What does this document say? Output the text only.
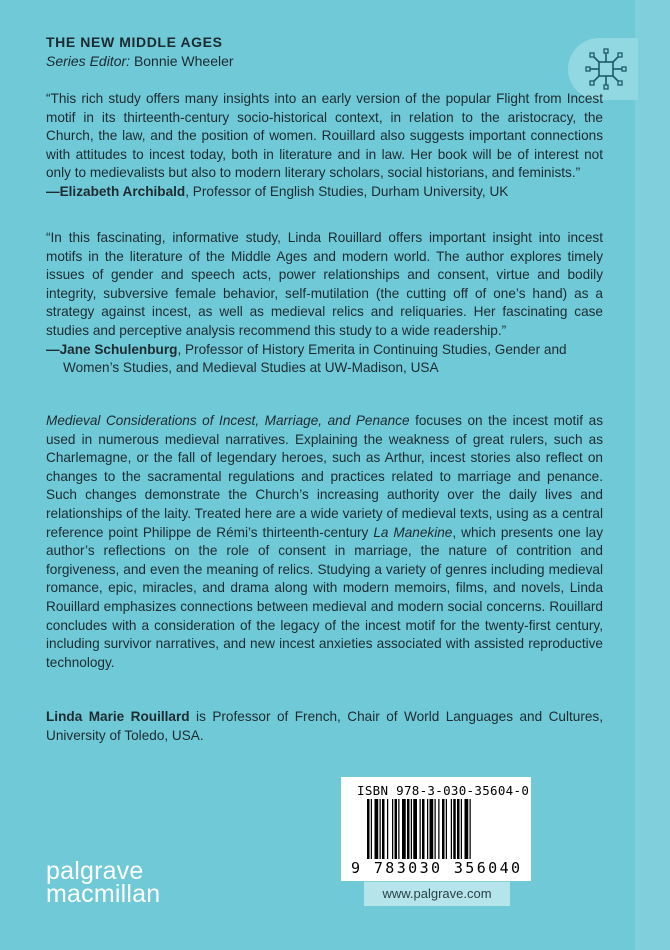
THE NEW MIDDLE AGES
Series Editor: Bonnie Wheeler

“This rich study offers many insights into an early version of the popular Flight from Incest motif in its thirteenth-century socio-historical context, in relation to the aristocracy, the Church, the law, and the position of women. Rouillard also suggests important connections with attitudes to incest today, both in literature and in law. Her book will be of interest not only to medievalists but also to modern literary scholars, social historians, and feminists.”

—Elizabeth Archibald, Professor of English Studies, Durham University, UK

“In this fascinating, informative study, Linda Rouillard offers important insight into incest motifs in the literature of the Middle Ages and modern world. The author explores timely issues of gender and speech acts, power relationships and consent, virtue and bodily integrity, subversive female behavior, self-mutilation (the cutting off of one’s hand) as a strategy against incest, as well as medieval relics and reliquaries. Her fascinating case studies and perceptive analysis recommend this study to a wide readership.”

—Jane Schulenburg, Professor of History Emerita in Continuing Studies, Gender and Women’s Studies, and Medieval Studies at UW-Madison, USA

Medieval Considerations of Incest, Marriage, and Penance focuses on the incest motif as used in numerous medieval narratives. Explaining the weakness of great rulers, such as Charlemagne, or the fall of legendary heroes, such as Arthur, incest stories also reflect on changes to the sacramental regulations and practices related to marriage and penance. Such changes demonstrate the Church’s increasing authority over the daily lives and relationships of the laity. Treated here are a wide variety of medieval texts, using as a central reference point Philippe de Rémi’s thirteenth-century La Manekine, which presents one lay author’s reflections on the role of consent in marriage, the nature of contrition and forgiveness, and even the meaning of relics. Studying a variety of genres including medieval romance, epic, miracles, and drama along with modern memoirs, films, and novels, Linda Rouillard emphasizes connections between medieval and modern social concerns. Rouillard concludes with a consideration of the legacy of the incest motif for the twenty-first century, including survivor narratives, and new incest anxieties associated with assisted reproductive technology.

Linda Marie Rouillard is Professor of French, Chair of World Languages and Cultures, University of Toledo, USA.

ISBN 978-3-030-35604-0
9 783030 356040
www.palgrave.com
palgrave
macmillan
